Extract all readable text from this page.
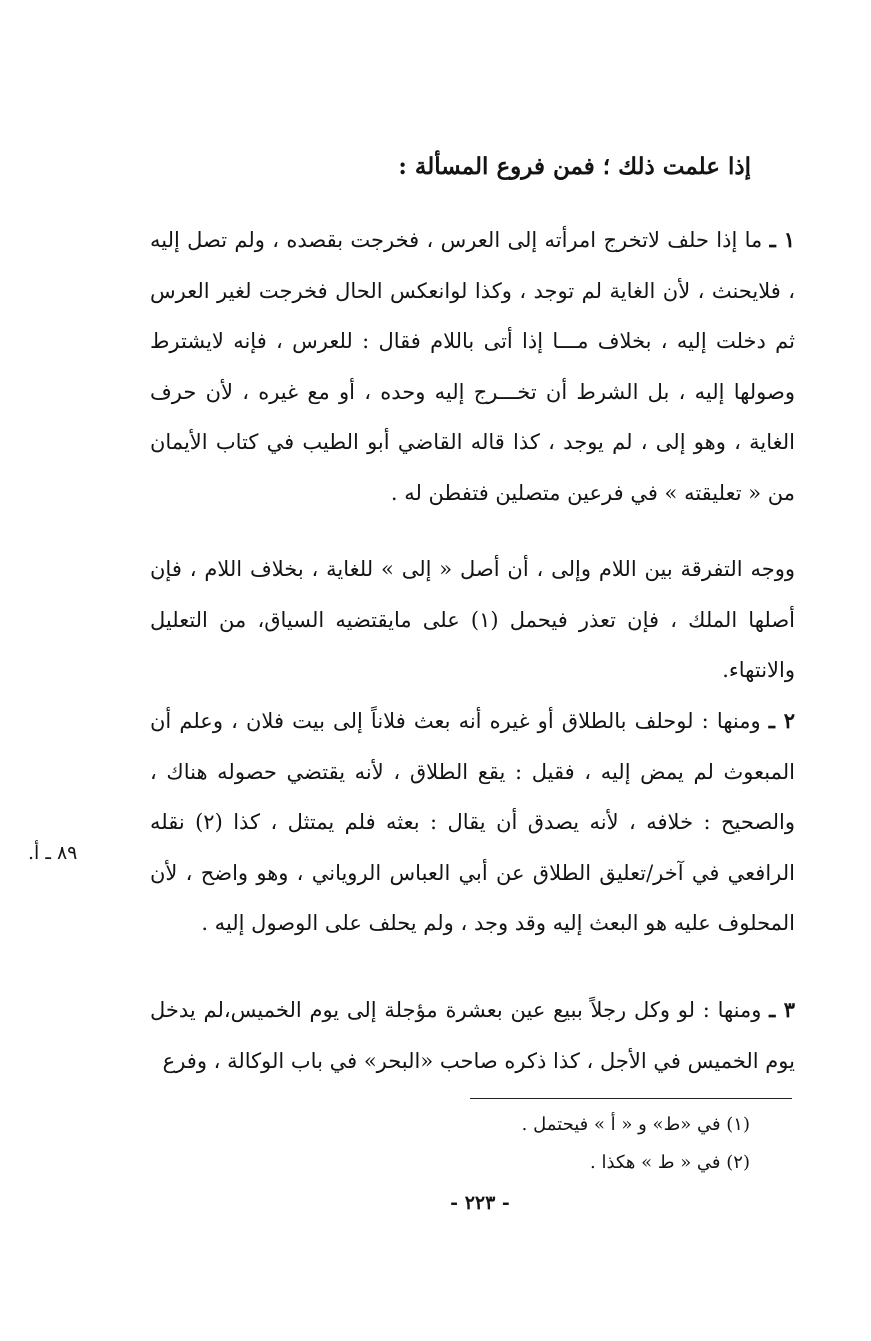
إذا علمت ذلك ؛ فمن فروع المسألة :
١ ـ ما إذا حلف لاتخرج امرأته إلى العرس ، فخرجت بقصده ، ولم تصل إليه ، فلايحنث ، لأن الغاية لم توجد ، وكذا لوانعكس الحال فخرجت لغير العرس ثم دخلت إليه ، بخلاف مـــا إذا أتى باللام فقال : للعرس ، فإنه لايشترط وصولها إليه ، بل الشرط أن تخـــرج إليه وحده ، أو مع غيره ، لأن حرف الغاية ، وهو إلى ، لم يوجد ، كذا قاله القاضي أبو الطيب في كتاب الأيمان من « تعليقته » في فرعين متصلين فتفطن له .
ووجه التفرقة بين اللام وإلى ، أن أصل « إلى » للغاية ، بخلاف اللام ، فإن أصلها الملك ، فإن تعذر فيحمل (١) على مايقتضيه السياق، من التعليل والانتهاء.
٢ ـ ومنها : لوحلف بالطلاق أو غيره أنه بعث فلاناً إلى بيت فلان ، وعلم أن المبعوث لم يمض إليه ، فقيل : يقع الطلاق ، لأنه يقتضي حصوله هناك ، والصحيح : خلافه ، لأنه يصدق أن يقال : بعثه فلم يمتثل ، كذا (٢) نقله الرافعي في آخر/تعليق الطلاق عن أبي العباس الروياني ، وهو واضح ، لأن المحلوف عليه هو البعث إليه وقد وجد ، ولم يحلف على الوصول إليه .
٣ ـ ومنها : لو وكل رجلاً ببيع عين بعشرة مؤجلة إلى يوم الخميس،لم يدخل يوم الخميس في الأجل ، كذا ذكره صاحب «البحر» في باب الوكالة ، وفرع
٨٩ ـ أ.
(١) في «ط» و « أ » فيحتمل .
(٢) في « ط » هكذا .
- ٢٢٣ -
